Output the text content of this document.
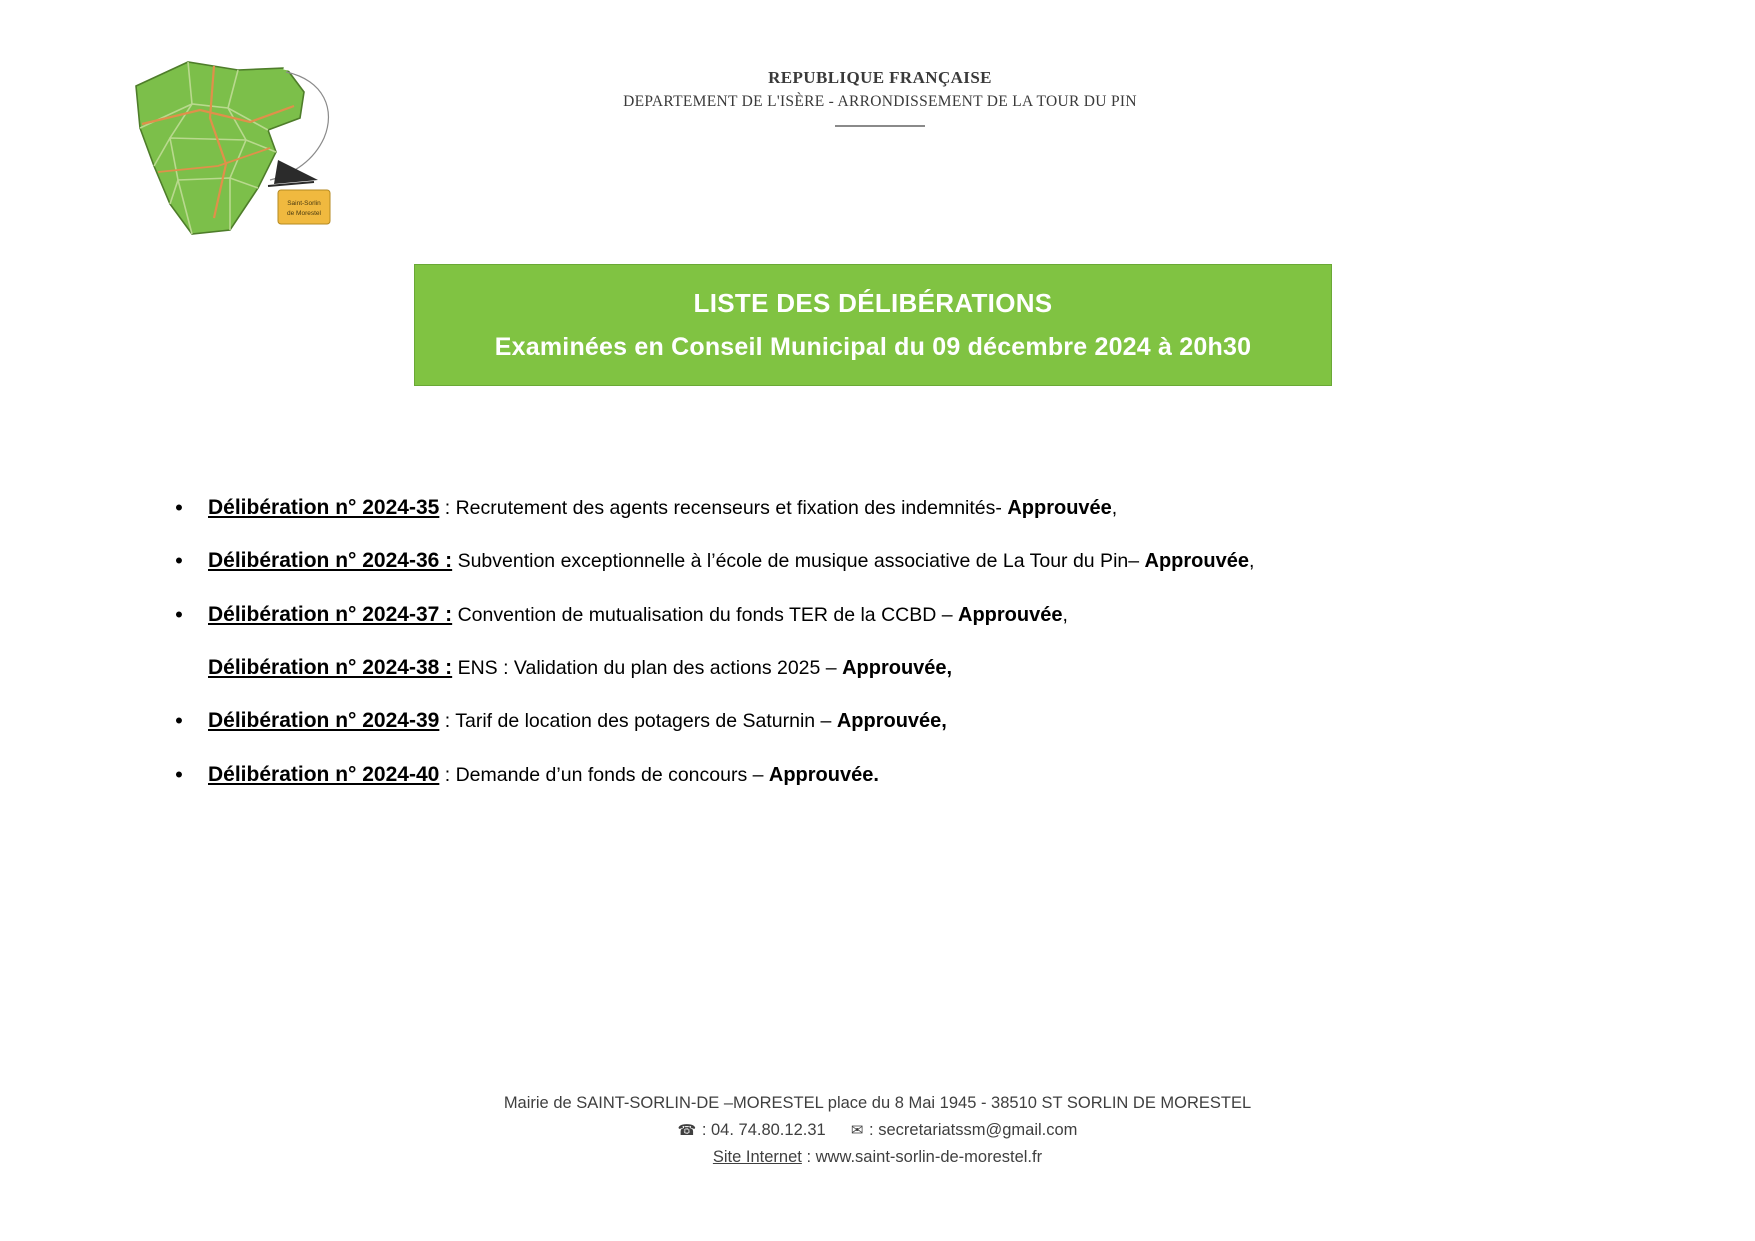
Saint-Sorlin
de Morestel
REPUBLIQUE FRANÇAISE
DEPARTEMENT DE L'ISÈRE - ARRONDISSEMENT DE LA TOUR DU PIN
LISTE DES DÉLIBÉRATIONS
Examinées en Conseil Municipal du 09 décembre 2024 à 20h30
•	Délibération n° 2024-35 : Recrutement des agents recenseurs et fixation des indemnités- Approuvée,
•	Délibération n° 2024-36 : Subvention exceptionnelle à l’école de musique associative de La Tour du Pin– Approuvée,
•	Délibération n° 2024-37 : Convention de mutualisation du fonds TER de la CCBD – Approuvée,
Délibération n° 2024-38 : ENS : Validation du plan des actions 2025 – Approuvée,
•	Délibération n° 2024-39 : Tarif de location des potagers de Saturnin – Approuvée,
•	Délibération n° 2024-40 : Demande d’un fonds de concours – Approuvée.
Mairie de SAINT-SORLIN-DE –MORESTEL place du 8 Mai 1945 - 38510 ST SORLIN DE MORESTEL
☎ : 04. 74.80.12.31 ✉ : secretariatssm@gmail.com
Site Internet : www.saint-sorlin-de-morestel.fr
